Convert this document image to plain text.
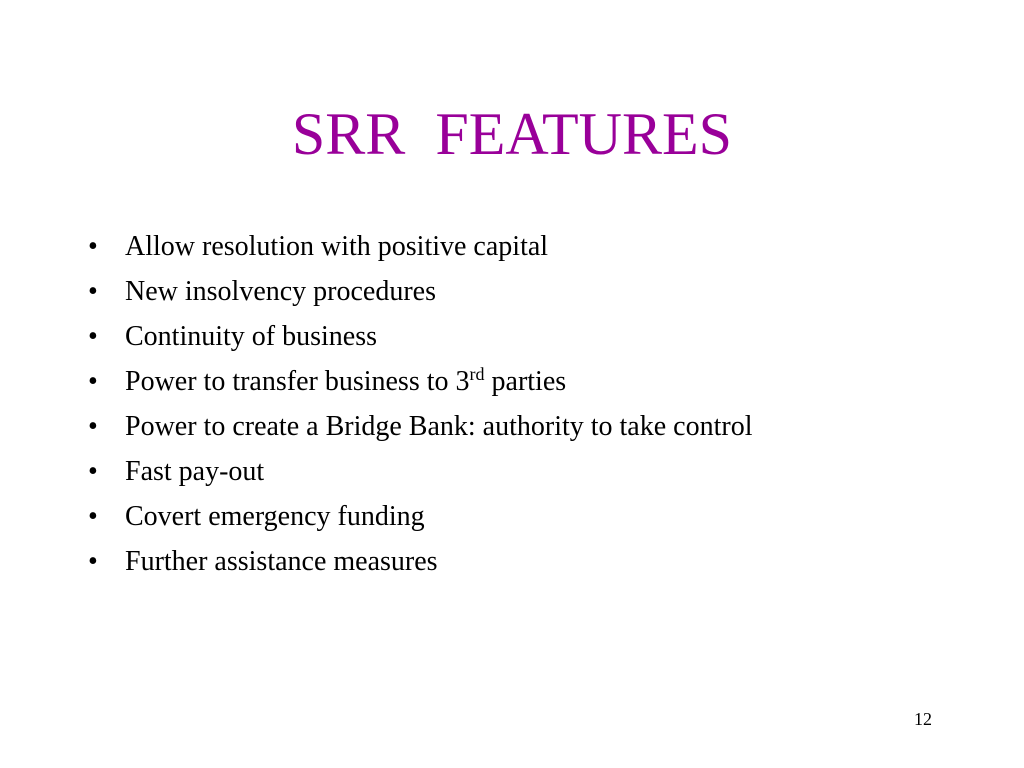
SRR  FEATURES
• Allow resolution with positive capital
• New insolvency procedures
• Continuity of business
• Power to transfer business to 3rd parties
• Power to create a Bridge Bank: authority to take control
• Fast pay-out
• Covert emergency funding
• Further assistance measures
12
